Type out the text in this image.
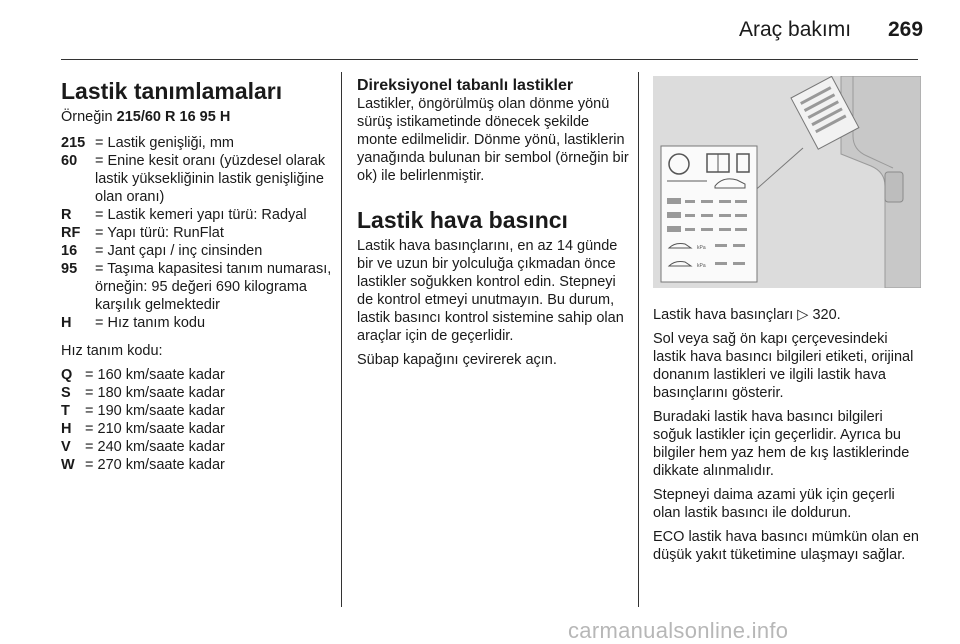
Araç bakımı 269
Lastik tanımlamaları
Örneğin 215/60 R 16 95 H
215 = Lastik genişliği, mm
60	= Enine kesit oranı (yüzdesel olarak lastik yüksekliğinin lastik genişliğine olan oranı)
R	= Lastik kemeri yapı türü: Radyal
RF	= Yapı türü: RunFlat
16	= Jant çapı / inç cinsinden
95	= Taşıma kapasitesi tanım numarası, örneğin: 95 değeri 690 kilograma karşılık gelmektedir
H	= Hız tanım kodu

Hız tanım kodu:

Q = 160 km/saate kadar
S = 180 km/saate kadar
T	= 190 km/saate kadar
H = 210 km/saate kadar
V = 240 km/saate kadar
W = 270 km/saate kadar
Direksiyonel tabanlı lastikler

Lastikler, öngörülmüş olan dönme yönü sürüş istikametinde dönecek şekilde monte edilmelidir. Dönme yönü, lastiklerin yanağında bulunan bir sembol (örneğin bir ok) ile belirlenmiştir.

Lastik hava basıncı

Lastik hava basınçlarını, en az 14 günde bir ve uzun bir yolculuğa çıkmadan önce lastikler soğukken kontrol edin. Stepneyi de kontrol etmeyi unutmayın. Bu durum, lastik basıncı kontrol sistemine sahip olan araçlar için de geçerlidir.

Sübap kapağını çevirerek açın.

kPa
kPa

Lastik hava basınçları ▷ 320.

Sol veya sağ ön kapı çerçevesindeki lastik hava basıncı bilgileri etiketi, orijinal donanım lastikleri ve ilgili lastik hava basınçlarını gösterir.

Buradaki lastik hava basıncı bilgileri soğuk lastikler için geçerlidir. Ayrıca bu bilgiler hem yaz hem de kış lastiklerinde dikkate alınmalıdır.

Stepneyi daima azami yük için geçerli olan lastik basıncı ile doldurun.

ECO lastik hava basıncı mümkün olan en düşük yakıt tüketimine ulaşmayı sağlar.

carmanualsonline.info
